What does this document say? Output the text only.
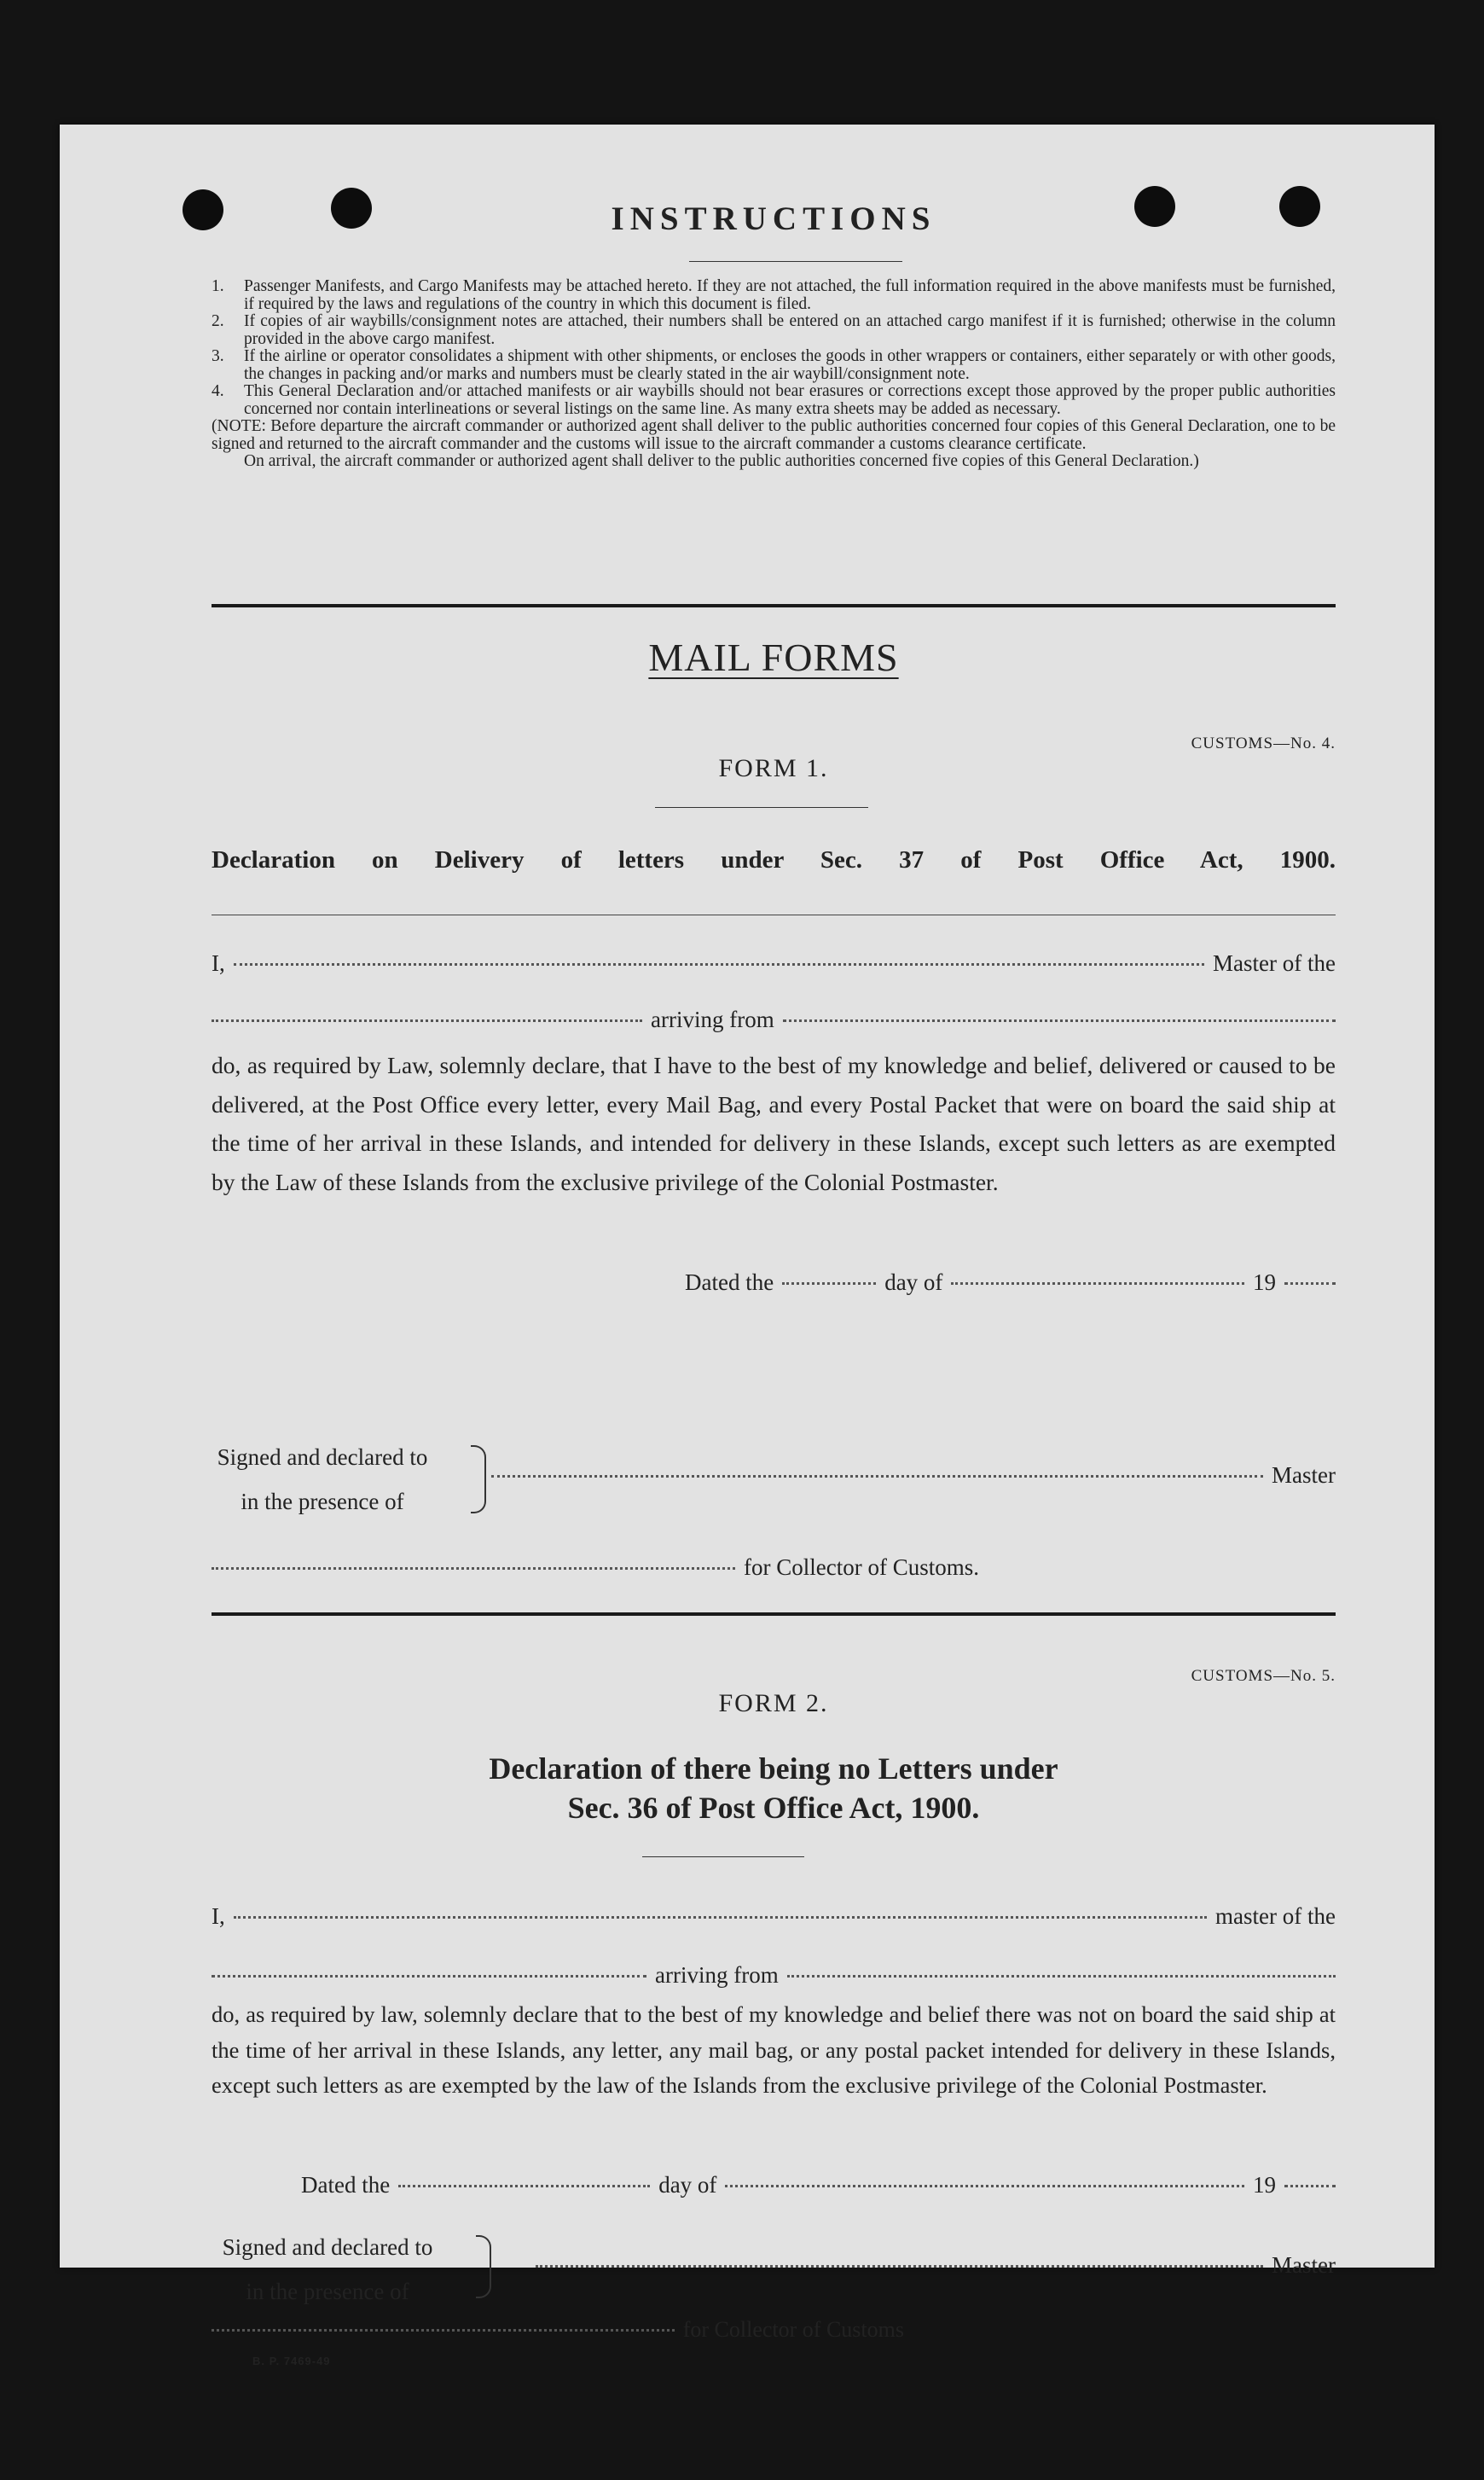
INSTRUCTIONS
1.	Passenger Manifests, and Cargo Manifests may be attached hereto. If they are not attached, the full information required in the above manifests must be furnished, if required by the laws and regulations of the country in which this document is filed.
2.	If copies of air waybills/consignment notes are attached, their numbers shall be entered on an attached cargo manifest if it is furnished; otherwise in the column provided in the above cargo manifest.
3.	If the airline or operator consolidates a shipment with other shipments, or encloses the goods in other wrappers or containers, either separately or with other goods, the changes in packing and/or marks and numbers must be clearly stated in the air waybill/consignment note.
4.	This General Declaration and/or attached manifests or air waybills should not bear erasures or corrections except those approved by the proper public authorities concerned nor contain interlineations or several listings on the same line. As many extra sheets may be added as necessary.
(NOTE: Before departure the aircraft commander or authorized agent shall deliver to the public authorities concerned four copies of this General Declaration, one to be signed and returned to the aircraft commander and the customs will issue to the aircraft commander a customs clearance certificate.
On arrival, the aircraft commander or authorized agent shall deliver to the public authorities concerned five copies of this General Declaration.)
MAIL FORMS
CUSTOMS—No. 4.
FORM 1.
Declaration on Delivery of letters under Sec. 37 of Post Office Act, 1900.
I,	Master of the
arriving from
do, as required by Law, solemnly declare, that I have to the best of my knowledge and belief, delivered or caused to be delivered, at the Post Office every letter, every Mail Bag, and every Postal Packet that were on board the said ship at the time of her arrival in these Islands, and intended for delivery in these Islands, except such letters as are exempted by the Law of these Islands from the exclusive privilege of the Colonial Postmaster.
Dated the	day of	19
Signed and declared to
in the presence of
Master
for Collector of Customs.
CUSTOMS—No. 5.
FORM 2.
Declaration of there being no Letters under
Sec. 36 of Post Office Act, 1900.
I,	master of the
arriving from
do, as required by law, solemnly declare that to the best of my knowledge and belief there was not on board the said ship at the time of her arrival in these Islands, any letter, any mail bag, or any postal packet intended for delivery in these Islands, except such letters as are exempted by the law of the Islands from the exclusive privilege of the Colonial Postmaster.
Dated the	day of	19
Signed and declared to
in the presence of
Master
for Collector of Customs
B. P. 7469-49
